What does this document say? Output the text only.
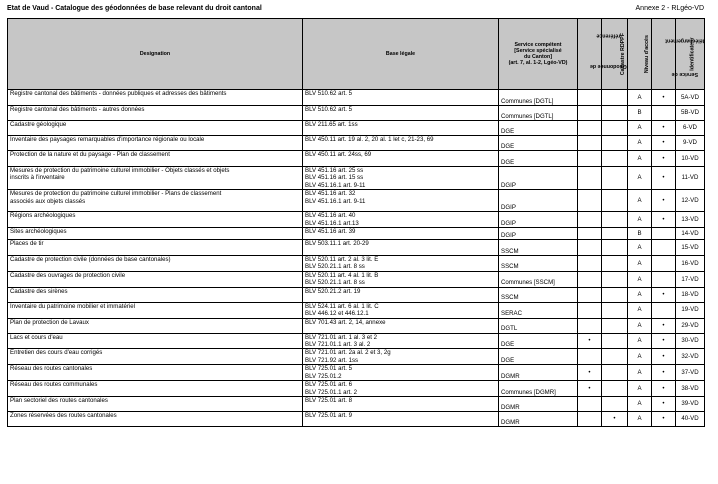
Etat de Vaud - Catalogue des géodonnées de base relevant du droit cantonal	Annexe 2 - RLgéo-VD
Designation	Base légale	Service compétent
[Service spécialisé
du Canton]
(art. 7, al. 1-2, Lgéo-VD)	Géodonnée deréférence	Cadastre RDPPF	Niveau d'accès	Service detéléchargement	Identificateur

Registre cantonal des bâtiments - données publiques et adresses des bâtiments	BLV 510.62 art. 5	Communes [DGTL]			A	•	5A-VD

Registre cantonal des bâtiments - autres données	BLV 510.62 art. 5	Communes [DGTL]			B		5B-VD

Cadastre géologique	BLV 211.65 art. 1ss	DGE			A	•	6-VD

Inventaire des paysages remarquables d'importance régionale ou locale	BLV 450.11 art. 19 al. 2, 20 al. 1 let c, 21-23, 69	DGE			A	•	9-VD

Protection de la nature et du paysage - Plan de classement	BLV 450.11 art. 24ss, 69	DGE			A	•	10-VD

Mesures de protection du patrimoine culturel immobilier - Objets classés et objets
inscrits à l'inventaire	BLV 451.16 art. 25 ss
BLV 451.16 art. 15 ss
BLV 451.16.1 art. 9-11	DGIP			A	•	11-VD

Mesures de protection du patrimoine culturel immobilier - Plans de classement
associés aux objets classés	BLV 451.16 art. 32
BLV 451.16.1 art. 9-11	DGIP			A	•	12-VD

Régions archéologiques	BLV 451.16 art. 40
BLV 451.16.1 art.13	DGIP			A	•	13-VD

Sites archéologiques	BLV 451.16 art. 39	DGIP			B		14-VD

Places de tir	BLV 503.11.1 art. 20-29	SSCM			A		15-VD

Cadastre de protection civile (données de base cantonales)	BLV 520.11 art. 2 al. 3 lit. E
BLV 520.21.1 art. 8 ss	SSCM			A		16-VD

Cadastre des ouvrages de protection civile	BLV 520.11 art. 4 al. 1 lit. B
BLV 520.21.1 art. 8 ss	Communes [SSCM]			A		17-VD

Cadastre des sirènes	BLV 520.21.2 art. 19	SSCM			A	•	18-VD

Inventaire du patrimoine mobilier et immatériel	BLV 524.11 art. 6 al. 1 lit. C
BLV 446.12 et 446.12.1	SERAC			A		19-VD

Plan de protection de Lavaux	BLV 701.43 art. 2, 14, annexe	DGTL			A	•	29-VD

Lacs et cours d'eau	BLV 721.01 art. 1 al. 3 et 2
BLV 721.01.1 art. 3 al. 2	DGE	•		A	•	30-VD

Entretien des cours d'eau corrigés	BLV 721.01 art. 2a al. 2 et 3, 2g
BLV 721.92 art. 1ss	DGE			A	•	32-VD

Réseau des routes cantonales	BLV 725.01 art. 5
BLV 725.01.2	DGMR	•		A	•	37-VD

Réseau des routes communales	BLV 725.01 art. 6
BLV 725.01.1 art. 2	Communes [DGMR]	•		A	•	38-VD

Plan sectoriel des routes cantonales	BLV 725.01 art. 8	DGMR			A	•	39-VD

Zones réservées des routes cantonales	BLV 725.01 art. 9	DGMR		•	A	•	40-VD
